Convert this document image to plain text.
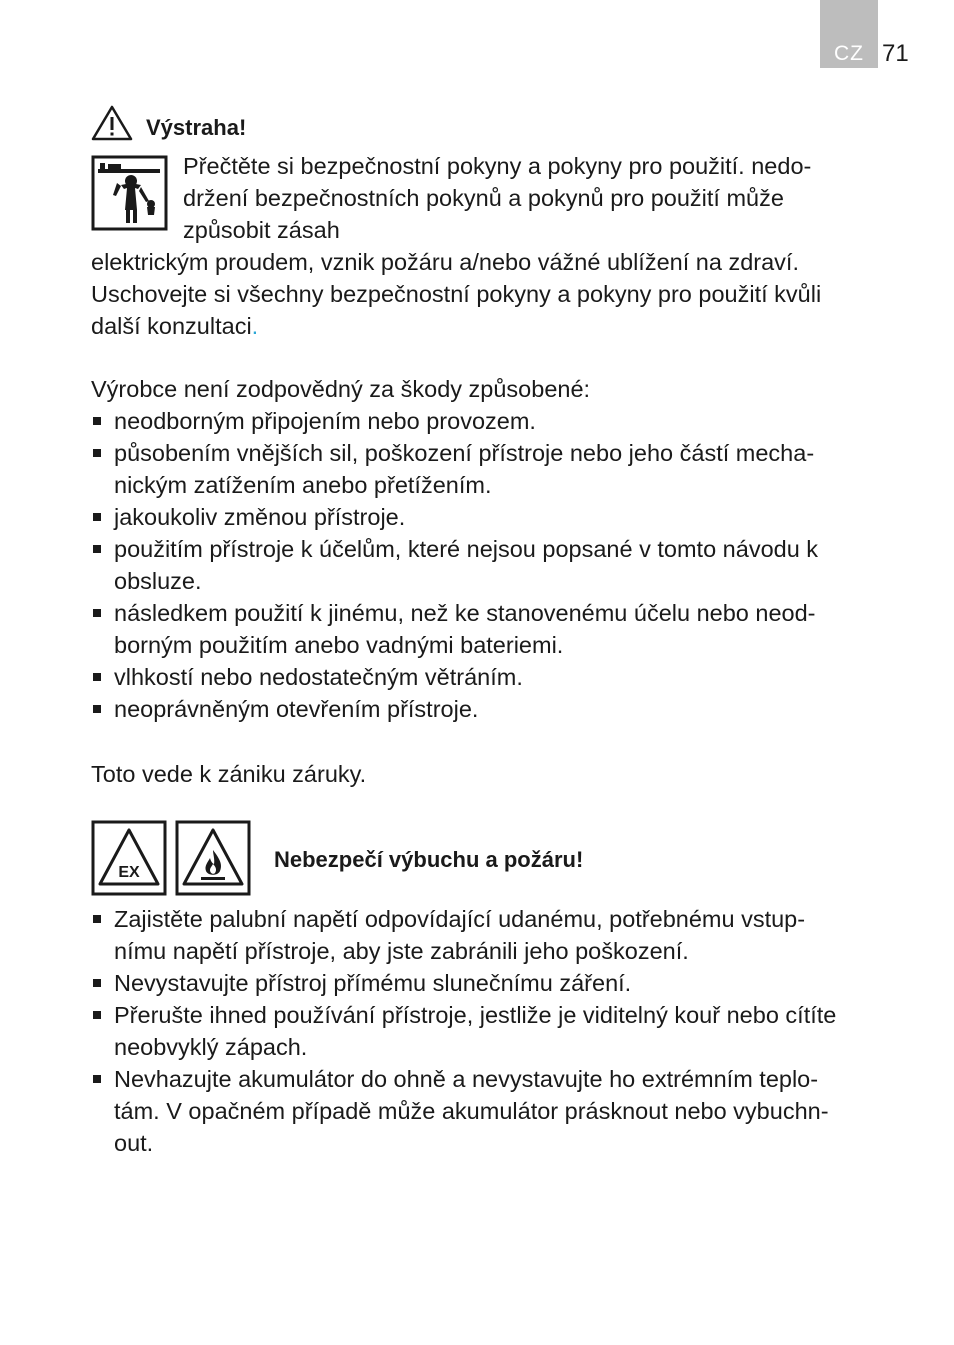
CZ 71
Výstraha!
Přečtěte si bezpečnostní pokyny a pokyny pro použití. nedo-
držení bezpečnostních pokynů a pokynů pro použití může
způsobit zásah
elektrickým proudem, vznik požáru a/nebo vážné ublížení na zdraví.
Uschovejte si všechny bezpečnostní pokyny a pokyny pro použití kvůli
další konzultaci.
Výrobce není zodpovědný za škody způsobené:
neodborným připojením nebo provozem.
působením vnějších sil, poškození přístroje nebo jeho částí mecha-
nickým zatížením anebo přetížením.
jakoukoliv změnou přístroje.
použitím přístroje k účelům, které nejsou popsané v tomto návodu k
obsluze.
následkem použití k jinému, než ke stanovenému účelu nebo neod-
borným použitím anebo vadnými bateriemi.
vlhkostí nebo nedostatečným větráním.
neoprávněným otevřením přístroje.
Toto vede k zániku záruky.
EX
Nebezpečí výbuchu a požáru!
Zajistěte palubní napětí odpovídající udanému, potřebnému vstup-
nímu napětí přístroje, aby jste zabránili jeho poškození.
Nevystavujte přístroj přímému slunečnímu záření.
Přerušte ihned používání přístroje, jestliže je viditelný kouř nebo cítíte
neobvyklý zápach.
Nevhazujte akumulátor do ohně a nevystavujte ho extrémním teplo-
tám. V opačném případě může akumulátor prásknout nebo vybuchn-
out.
